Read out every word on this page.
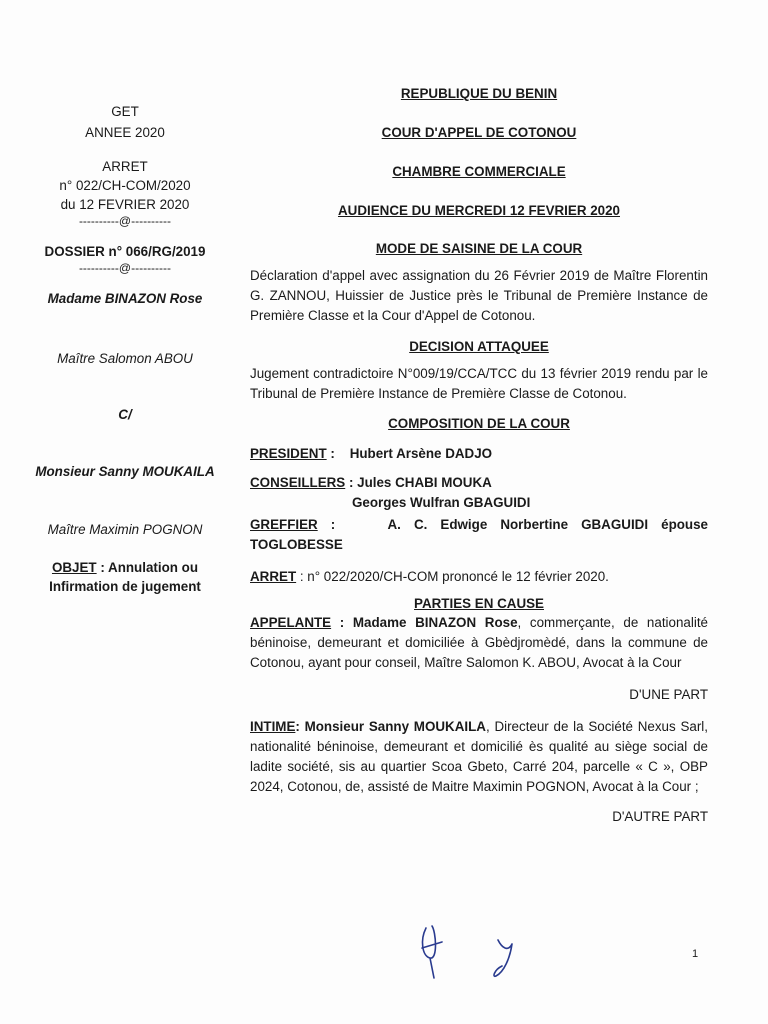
GET
ANNEE 2020
ARRET
n° 022/CH-COM/2020
du 12 FEVRIER 2020
----------@----------
DOSSIER n° 066/RG/2019
----------@----------
Madame BINAZON Rose
Maître Salomon ABOU
C/
Monsieur Sanny MOUKAILA
Maître Maximin POGNON
OBJET : Annulation ou Infirmation de jugement
REPUBLIQUE DU BENIN
COUR D'APPEL DE COTONOU
CHAMBRE COMMERCIALE
AUDIENCE DU MERCREDI 12 FEVRIER 2020
MODE DE SAISINE DE LA COUR
Déclaration d'appel avec assignation du 26 Février 2019 de Maître Florentin G. ZANNOU, Huissier de Justice près le Tribunal de Première Instance de Première Classe et la Cour d'Appel de Cotonou.
DECISION ATTAQUEE
Jugement contradictoire N°009/19/CCA/TCC du 13 février 2019 rendu par le Tribunal de Première Instance de Première Classe de Cotonou.
COMPOSITION DE LA COUR
PRESIDENT :    Hubert Arsène DADJO
CONSEILLERS : Jules CHABI MOUKA
Georges Wulfran GBAGUIDI
GREFFIER :    A. C. Edwige Norbertine GBAGUIDI épouse TOGLOBESSE
ARRET : n° 022/2020/CH-COM prononcé le 12 février 2020.
PARTIES EN CAUSE
APPELANTE : Madame BINAZON Rose, commerçante, de nationalité béninoise, demeurant et domiciliée à Gbèdjromèdé, dans la commune de Cotonou, ayant pour conseil, Maître Salomon K. ABOU, Avocat à la Cour
D'UNE PART
INTIME: Monsieur Sanny MOUKAILA, Directeur de la Société Nexus Sarl, nationalité béninoise, demeurant et domicilié ès qualité au siège social de ladite société, sis au quartier Scoa Gbeto, Carré 204, parcelle « C », OBP 2024, Cotonou, de, assisté de Maitre Maximin POGNON, Avocat à la Cour ;
D'AUTRE PART
1
